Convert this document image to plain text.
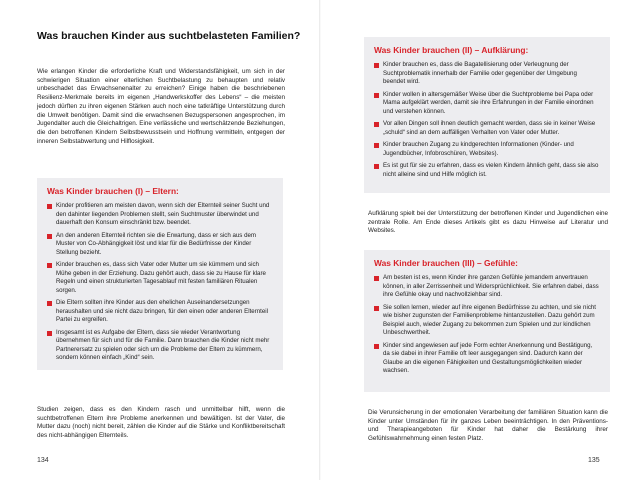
Was brauchen Kinder aus suchtbelasteten Familien?
Wie erlangen Kinder die erforderliche Kraft und Widerstandsfähigkeit, um sich in der schwierigen Situation einer elterlichen Suchtbelastung zu behaupten und relativ unbeschadet das Erwachsenenalter zu erreichen? Einige haben die beschriebenen Resilienz-Merkmale bereits im eigenen „Handwerkskoffer des Lebens“ – die meisten jedoch dürften zu ihren eigenen Stärken auch noch eine tatkräftige Unterstützung durch die Umwelt benötigen. Damit sind die erwachsenen Bezugspersonen angesprochen, im Jugendalter auch die Gleichaltrigen. Eine verlässliche und wertschätzende Beziehungen, die den betroffenen Kindern Selbstbewusstsein und Hoffnung vermitteln, entgegen der inneren Selbstabwertung und Hilflosigkeit.
Was Kinder brauchen (I) – Eltern:
Kinder profitieren am meisten davon, wenn sich der Elternteil seiner Sucht und den dahinter liegenden Problemen stellt, sein Suchtmuster überwindet und dauerhaft den Konsum einschränkt bzw. beendet.
An den anderen Elternteil richten sie die Erwartung, dass er sich aus dem Muster von Co-Abhängigkeit löst und klar für die Bedürfnisse der Kinder Stellung bezieht.
Kinder brauchen es, dass sich Vater oder Mutter um sie kümmern und sich Mühe geben in der Erziehung. Dazu gehört auch, dass sie zu Hause für klare Regeln und einen strukturierten Tagesablauf mit festen familiären Ritualen sorgen.
Die Eltern sollten ihre Kinder aus den ehelichen Auseinandersetzungen heraushalten und sie nicht dazu bringen, für den einen oder anderen Elternteil Partei zu ergreifen.
Insgesamt ist es Aufgabe der Eltern, dass sie wieder Verantwortung übernehmen für sich und für die Familie. Dann brauchen die Kinder nicht mehr Partnerersatz zu spielen oder sich um die Probleme der Eltern zu kümmern, sondern können einfach „Kind“ sein.
Studien zeigen, dass es den Kindern rasch und unmittelbar hilft, wenn die suchtbetroffenen Eltern ihre Probleme anerkennen und bewältigen. Ist der Vater, die Mutter dazu (noch) nicht bereit, zählen die Kinder auf die Stärke und Konfliktbereitschaft des nicht-abhängigen Elternteils.
134
Was Kinder brauchen (II) – Aufklärung:
Kinder brauchen es, dass die Bagatellisierung oder Verleugnung der Suchtproblematik innerhalb der Familie oder gegenüber der Umgebung beendet wird.
Kinder wollen in altersgemäßer Weise über die Suchtprobleme bei Papa oder Mama aufgeklärt werden, damit sie ihre Erfahrungen in der Familie einordnen und verstehen können.
Vor allen Dingen soll ihnen deutlich gemacht werden, dass sie in keiner Weise „schuld“ sind an dem auffälligen Verhalten von Vater oder Mutter.
Kinder brauchen Zugang zu kindgerechten Informationen (Kinder- und Jugendbücher, Infobroschüren, Websites).
Es ist gut für sie zu erfahren, dass es vielen Kindern ähnlich geht, dass sie also nicht alleine sind und Hilfe möglich ist.
Aufklärung spielt bei der Unterstützung der betroffenen Kinder und Jugendlichen eine zentrale Rolle. Am Ende dieses Artikels gibt es dazu Hinweise auf Literatur und Websites.
Was Kinder brauchen (III) – Gefühle:
Am besten ist es, wenn Kinder ihre ganzen Gefühle jemandem anvertrauen können, in aller Zerrissenheit und Widersprüchlichkeit. Sie erfahren dabei, dass ihre Gefühle okay und nachvollziehbar sind.
Sie sollen lernen, wieder auf ihre eigenen Bedürfnisse zu achten, und sie nicht wie bisher zugunsten der Familienprobleme hintanzustellen. Dazu gehört zum Beispiel auch, wieder Zugang zu bekommen zum Spielen und zur kindlichen Unbeschwertheit.
Kinder sind angewiesen auf jede Form echter Anerkennung und Bestätigung, da sie dabei in ihrer Familie oft leer ausgegangen sind. Dadurch kann der Glaube an die eigenen Fähigkeiten und Gestaltungsmöglichkeiten wieder wachsen.
Die Verunsicherung in der emotionalen Verarbeitung der familiären Situation kann die Kinder unter Umständen für ihr ganzes Leben beeinträchtigen. In den Präventions- und Therapieangeboten für Kinder hat daher die Bestärkung ihrer Gefühlswahrnehmung einen festen Platz.
135
